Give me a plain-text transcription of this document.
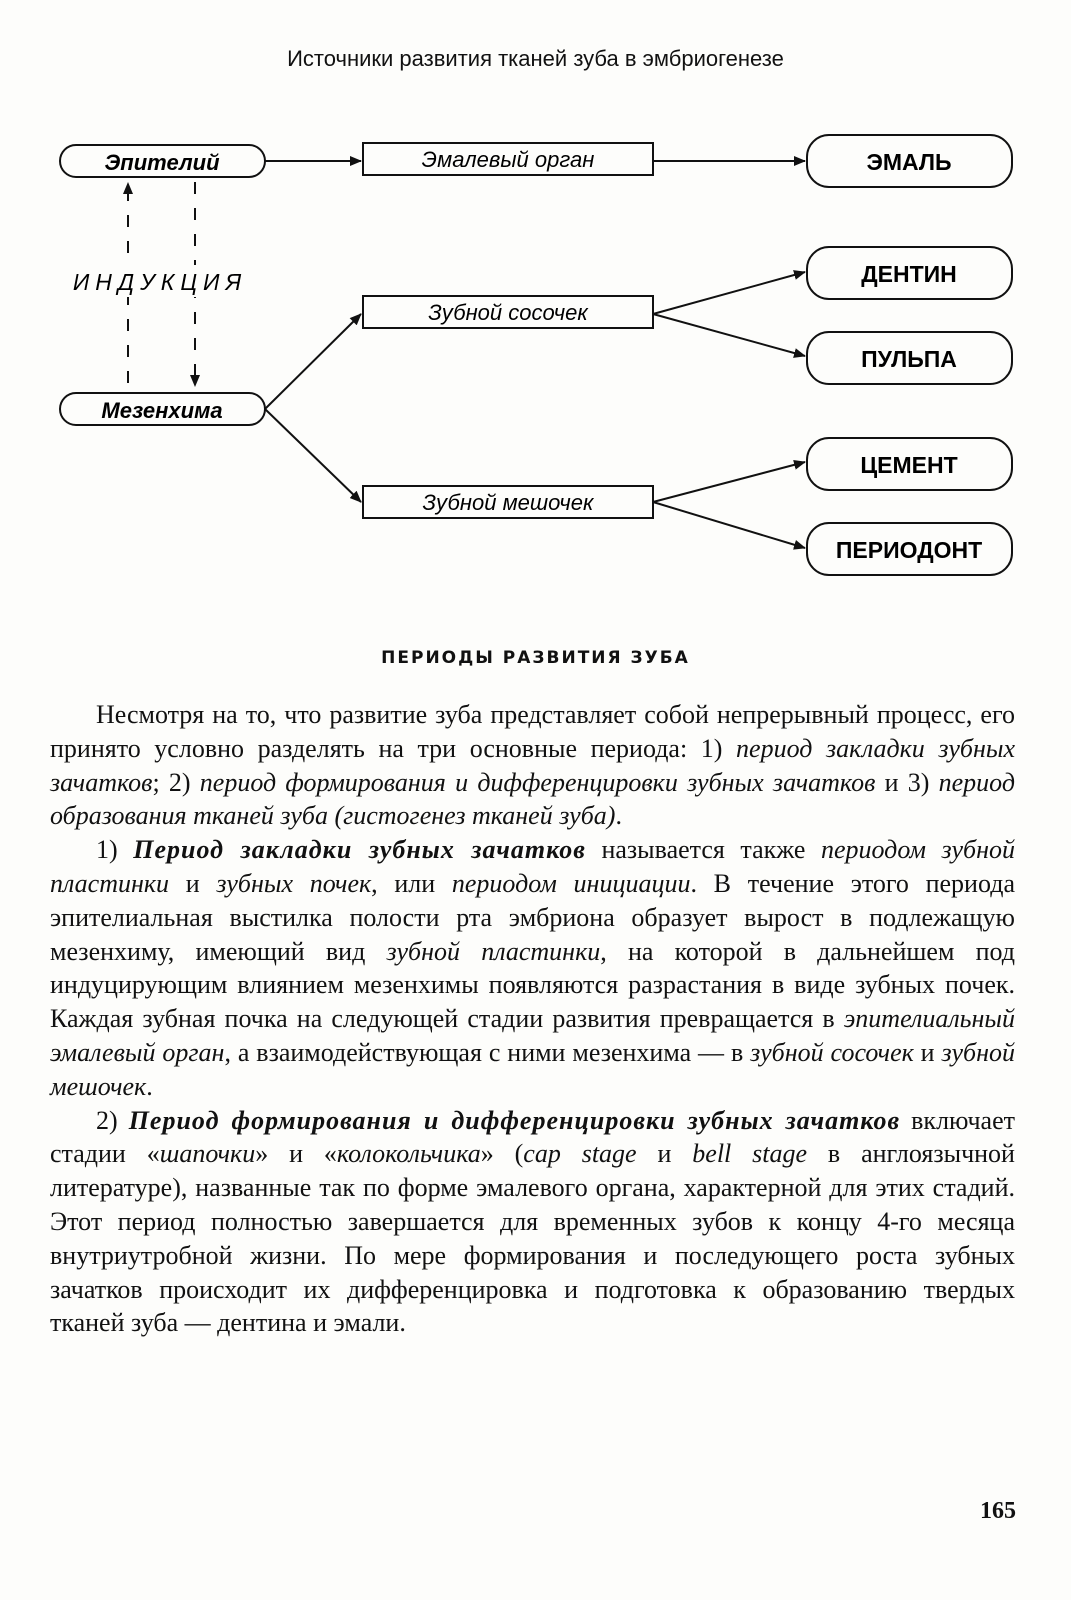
Источники развития тканей зуба в эмбриогенезе
Эпителий
Мезенхима
ИНДУКЦИЯ
Эмалевый орган
Зубной сосочек
Зубной мешочек
ЭМАЛЬ
ДЕНТИН
ПУЛЬПА
ЦЕМЕНТ
ПЕРИОДОНТ
ПЕРИОДЫ РАЗВИТИЯ ЗУБА

Несмотря на то, что развитие зуба представляет собой непрерывный процесс, его принято условно разделять на три основные периода: 1) период закладки зубных зачатков; 2) период формирования и дифференцировки зубных зачатков и 3) период образования тканей зуба (гистогенез тканей зуба).

1) Период закладки зубных зачатков называется также периодом зубной пластинки и зубных почек, или периодом инициации. В течение этого периода эпителиальная выстилка полости рта эмбриона образует вырост в подлежащую мезенхиму, имеющий вид зубной пластинки, на которой в дальнейшем под индуцирующим влиянием мезенхимы появляются разрастания в виде зубных почек. Каждая зубная почка на следующей стадии развития превращается в эпителиальный эмалевый орган, а взаимодействующая с ними мезенхима — в зубной сосочек и зубной мешочек.

2) Период формирования и дифференцировки зубных зачатков включает стадии «шапочки» и «колокольчика» (cap stage и bell stage в англоязычной литературе), названные так по форме эмалевого органа, характерной для этих стадий. Этот период полностью завершается для временных зубов к концу 4-го месяца внутриутробной жизни. По мере формирования и последующего роста зубных зачатков происходит их дифференцировка и подготовка к образованию твердых тканей зуба — дентина и эмали.

165
